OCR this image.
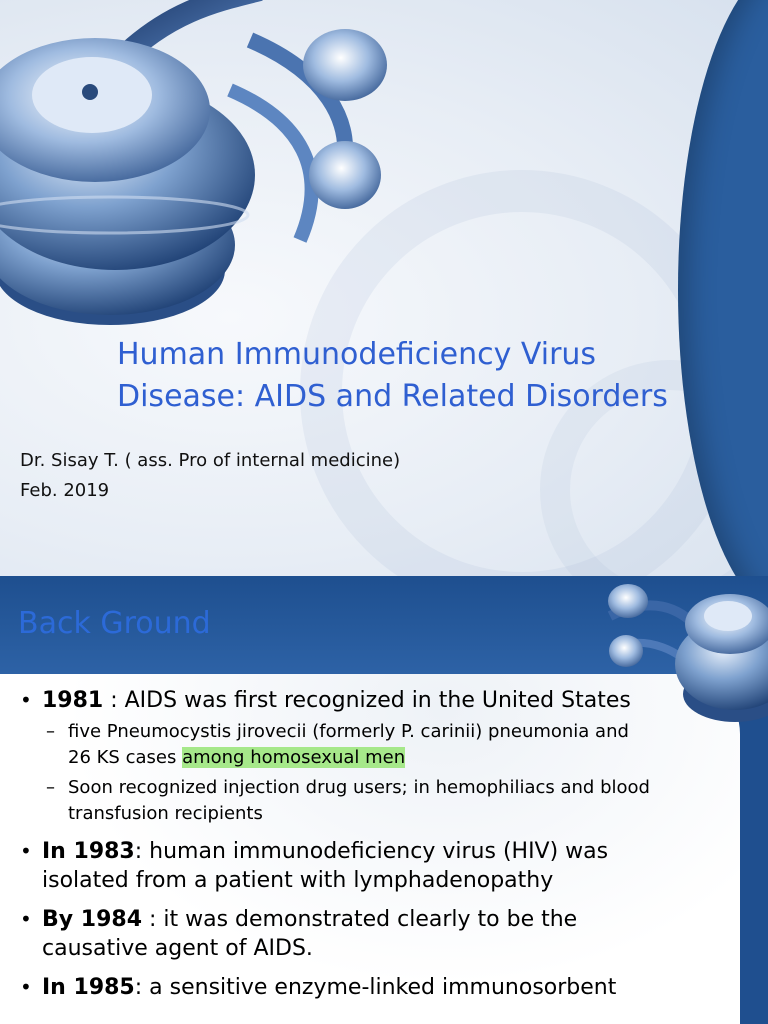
Human Immunodeficiency Virus
Disease: AIDS and Related Disorders
Dr. Sisay T. ( ass. Pro of internal medicine)
Feb. 2019
Back Ground
• 1981 : AIDS was first recognized in the United States
– five Pneumocystis jirovecii (formerly P. carinii) pneumonia and 26 KS cases among homosexual men
– Soon recognized injection drug users; in hemophiliacs and blood transfusion recipients
• In 1983: human immunodeficiency virus (HIV) was isolated from a patient with lymphadenopathy
• By 1984 : it was demonstrated clearly to be the causative agent of AIDS.
• In 1985: a sensitive enzyme-linked immunosorbent
